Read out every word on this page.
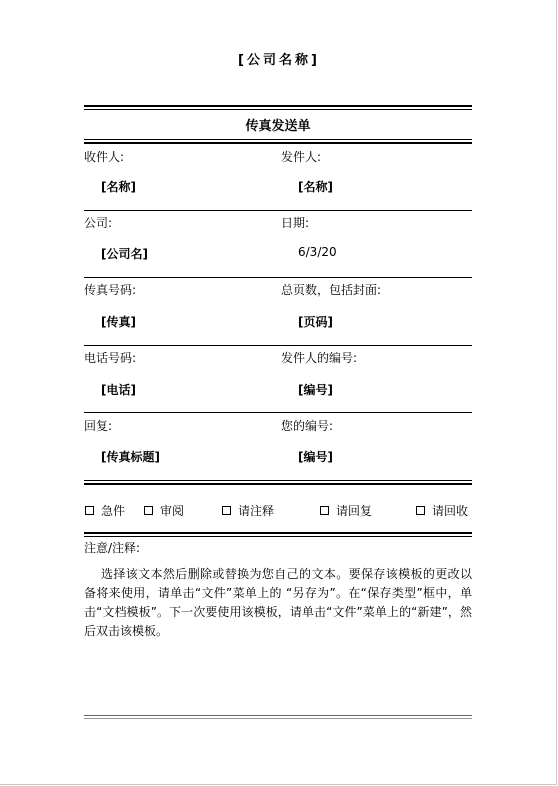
[公司名称]
传真发送单
收件人:
[名称]
发件人:
[名称]
公司:
[公司名]
日期:
6/3/20
传真号码:
[传真]
总页数，包括封面:
[页码]
电话号码:
[电话]
发件人的编号:
[编号]
回复:
[传真标题]
您的编号:
[编号]
急件	审阅	请注释	请回复	请回收
注意/注释:
选择该文本然后删除或替换为您自己的文本。要保存该模板的更改以备将来使用，请单击“文件”菜单上的 “另存为”。在“保存类型”框中，单击“文档模板”。下一次要使用该模板，请单击“文件”菜单上的“新建”，然后双击该模板。
